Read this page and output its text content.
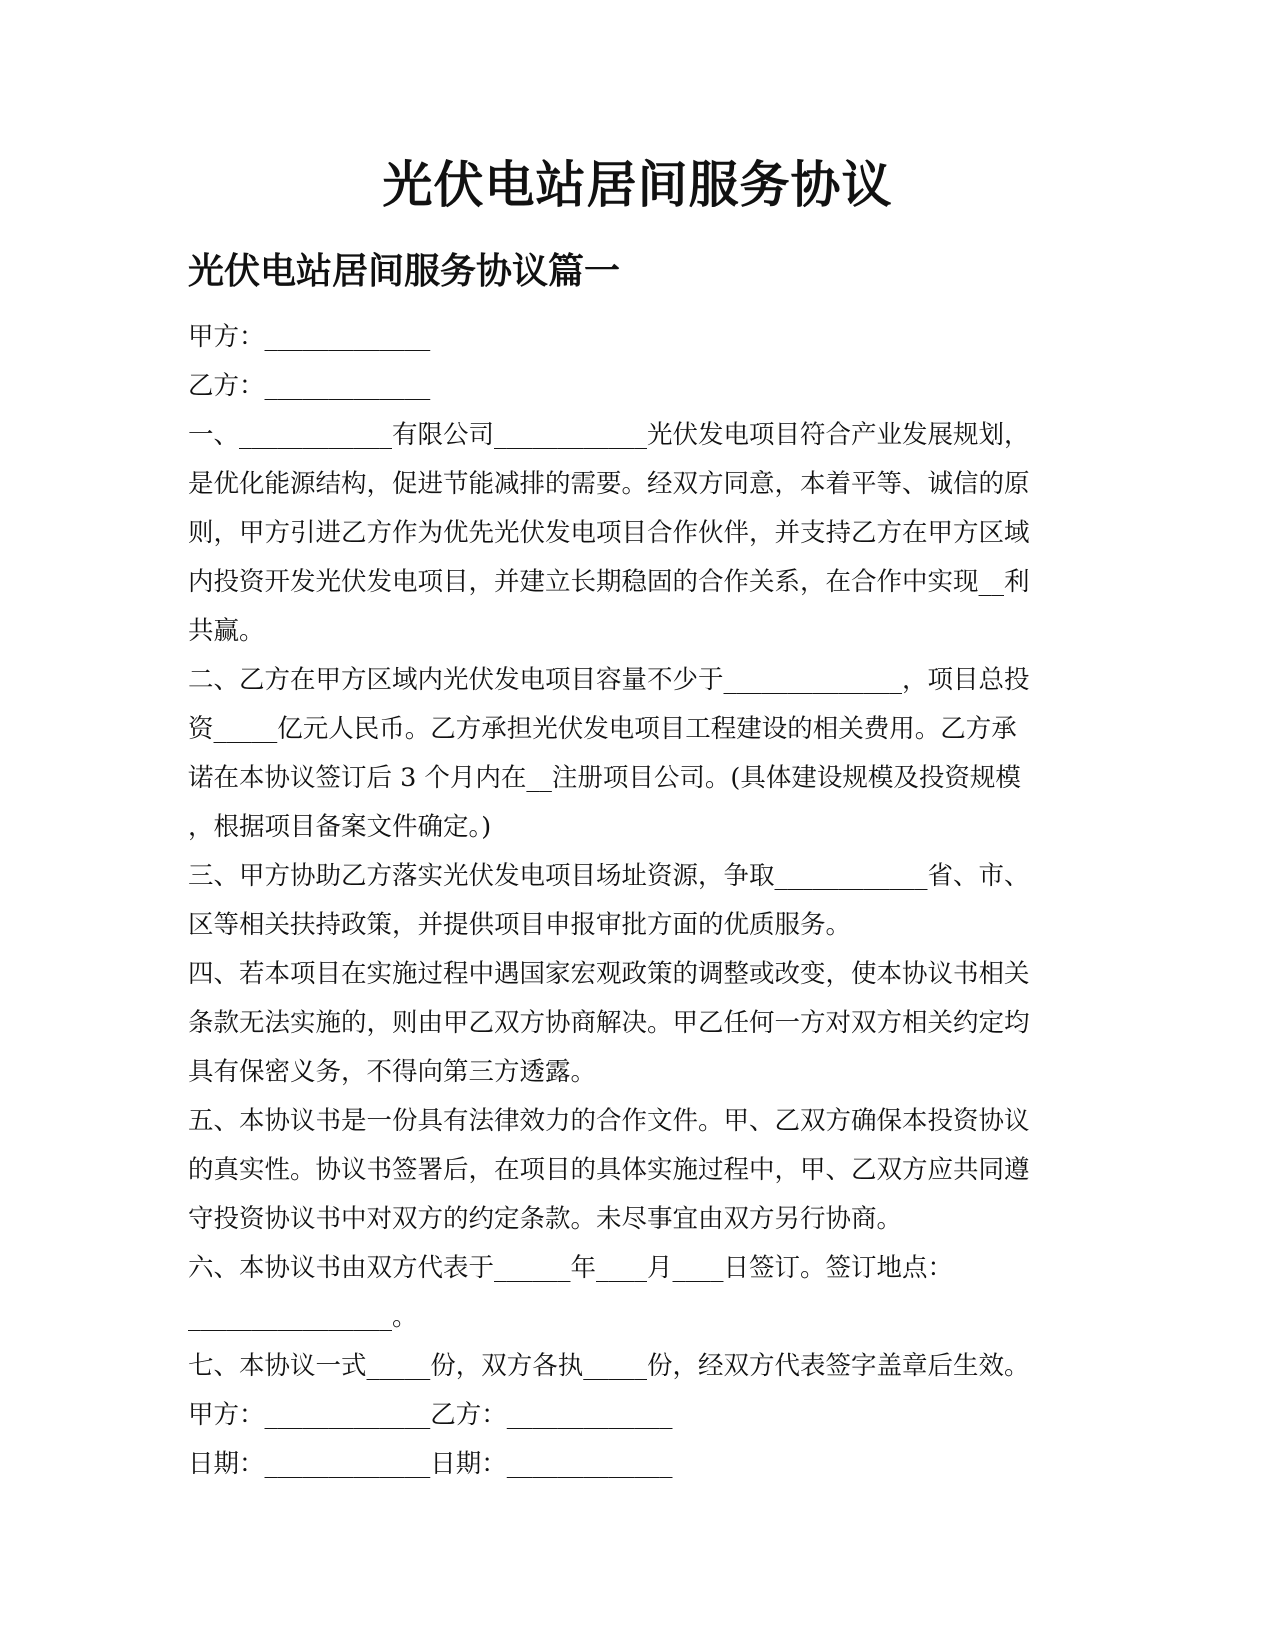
光伏电站居间服务协议
光伏电站居间服务协议篇一
甲方：_____________
乙方：_____________
一、____________有限公司____________光伏发电项目符合产业发展规划，
是优化能源结构，促进节能减排的需要。经双方同意，本着平等、诚信的原
则，甲方引进乙方作为优先光伏发电项目合作伙伴，并支持乙方在甲方区域
内投资开发光伏发电项目，并建立长期稳固的合作关系，在合作中实现__利
共赢。
二、乙方在甲方区域内光伏发电项目容量不少于______________，项目总投
资_____亿元人民币。乙方承担光伏发电项目工程建设的相关费用。乙方承
诺在本协议签订后 3 个月内在__注册项目公司。(具体建设规模及投资规模
，根据项目备案文件确定。)
三、甲方协助乙方落实光伏发电项目场址资源，争取____________省、市、
区等相关扶持政策，并提供项目申报审批方面的优质服务。
四、若本项目在实施过程中遇国家宏观政策的调整或改变，使本协议书相关
条款无法实施的，则由甲乙双方协商解决。甲乙任何一方对双方相关约定均
具有保密义务，不得向第三方透露。
五、本协议书是一份具有法律效力的合作文件。甲、乙双方确保本投资协议
的真实性。协议书签署后，在项目的具体实施过程中，甲、乙双方应共同遵
守投资协议书中对双方的约定条款。未尽事宜由双方另行协商。
六、本协议书由双方代表于______年____月____日签订。签订地点：
________________。
七、本协议一式_____份，双方各执_____份，经双方代表签字盖章后生效。
甲方：_____________乙方：_____________
日期：_____________日期：_____________
